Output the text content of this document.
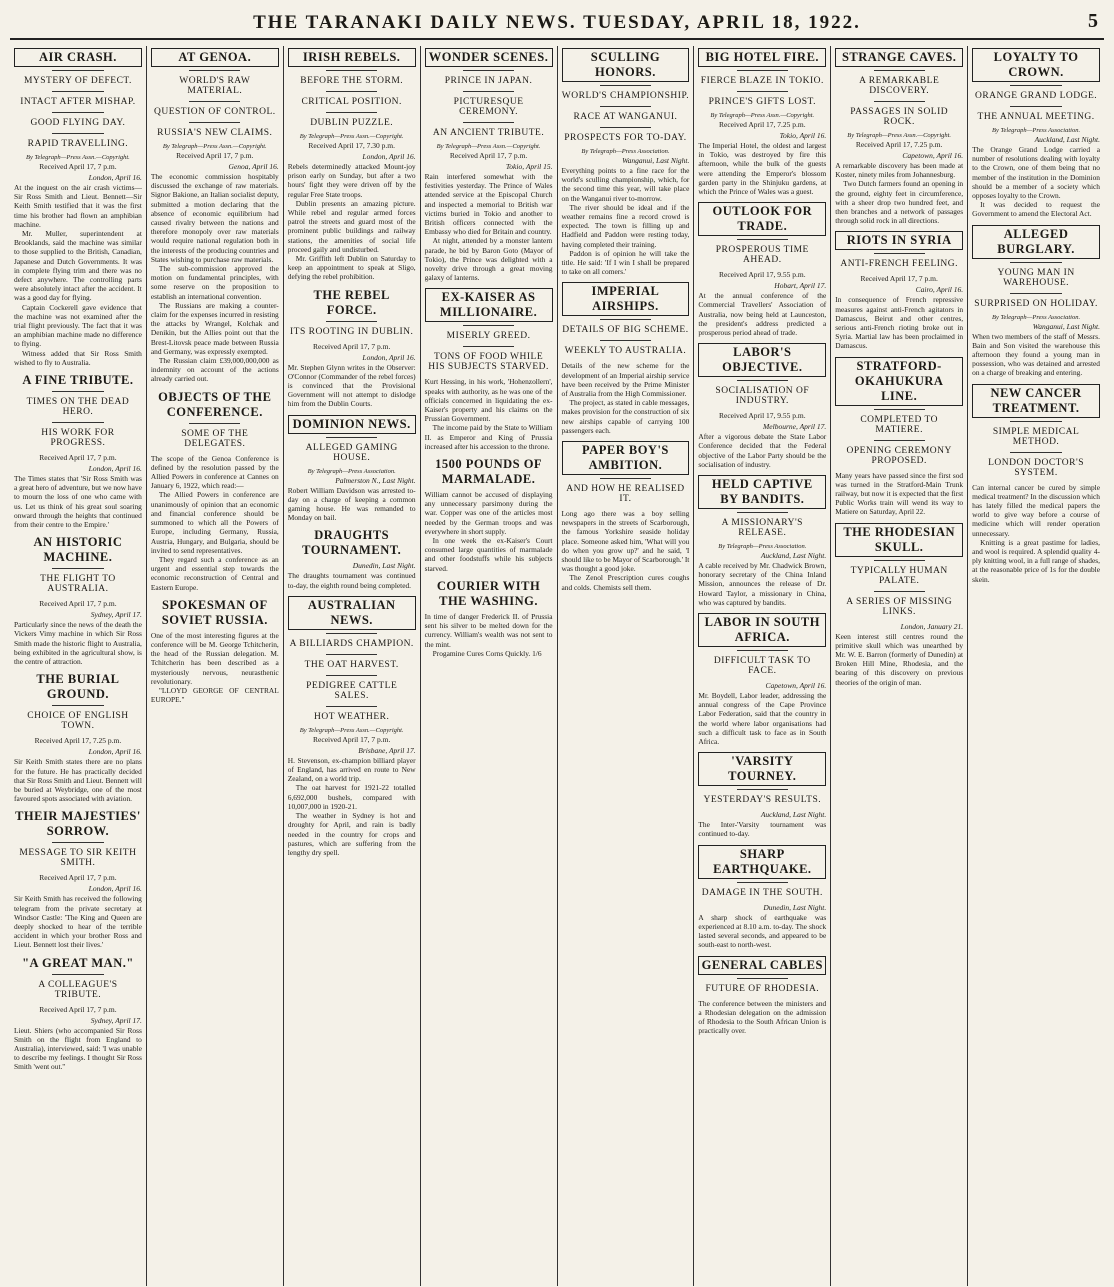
THE TARANAKI DAILY NEWS. TUESDAY, APRIL 18, 1922.	5
AIR CRASH.
MYSTERY OF DEFECT.
INTACT AFTER MISHAP.
GOOD FLYING DAY.
RAPID TRAVELLING.
By Telegraph—Press Assn.—Copyright.
Received April 17, 7 p.m.
London, April 16.

At the inquest on the air crash victims—Sir Ross Smith and Lieut. Bennett—Sir Keith Smith testified that it was the first time his brother had flown an amphibian machine.

Mr. Muller, superintendent at Brooklands, said the machine was similar to those supplied to the British, Canadian, Japanese and Dutch Governments. It was in complete flying trim and there was no defect anywhere. The controlling parts were absolutely intact after the accident. It was a good day for flying.

Captain Cockerell gave evidence that the machine was not examined after the trial flight previously. The fact that it was an amphibian machine made no difference to flying.

Witness added that Sir Ross Smith wished to fly to Australia.

A FINE TRIBUTE.
TIMES ON THE DEAD HERO.
HIS WORK FOR PROGRESS.
Received April 17, 7 p.m.
London, April 16.

The Times states that 'Sir Ross Smith was a great hero of adventure, but we now have to mourn the loss of one who came with us. Let us think of his great soul soaring onward through the heights that continued from their centre to the Empire.'

AN HISTORIC MACHINE.
THE FLIGHT TO AUSTRALIA.
Received April 17, 7 p.m.
Sydney, April 17.

Particularly since the news of the death the Vickers Vimy machine in which Sir Ross Smith made the historic flight to Australia, being exhibited in the agricultural show, is the centre of attraction.

THE BURIAL GROUND.
CHOICE OF ENGLISH TOWN.
Received April 17, 7.25 p.m.
London, April 16.

Sir Keith Smith states there are no plans for the future. He has practically decided that Sir Ross Smith and Lieut. Bennett will be buried at Weybridge, one of the most favoured spots associated with aviation.

THEIR MAJESTIES' SORROW.
MESSAGE TO SIR KEITH SMITH.
Received April 17, 7 p.m.
London, April 16.

Sir Keith Smith has received the following telegram from the private secretary at Windsor Castle: 'The King and Queen are deeply shocked to hear of the terrible accident in which your brother Ross and Lieut. Bennett lost their lives.'

"A GREAT MAN."
A COLLEAGUE'S TRIBUTE.
Received April 17, 7 p.m.
Sydney, April 17.

Lieut. Shiers (who accompanied Sir Ross Smith on the flight from England to Australia), interviewed, said: 'I was unable to describe my feelings. I thought Sir Ross Smith 'went out.''

AT GENOA.
WORLD'S RAW MATERIAL.
QUESTION OF CONTROL.
RUSSIA'S NEW CLAIMS.
By Telegraph—Press Assn.—Copyright.
Received April 17, 7 p.m.
Genoa, April 16.

The economic commission hospitably discussed the exchange of raw materials. Signor Bakione, an Italian socialist deputy, submitted a motion declaring that the absence of economic equilibrium had caused rivalry between the nations and therefore monopoly over raw materials would require national regulation both in the interests of the producing countries and States wishing to purchase raw materials.

The sub-commission approved the motion on fundamental principles, with some reserve on the proposition to establish an international convention.

The Russians are making a counter-claim for the expenses incurred in resisting the attacks by Wrangel, Kolchak and Denikin, but the Allies point out that the Brest-Litovsk peace made between Russia and Germany, was expressly exempted.

The Russian claim £39,000,000,000 as indemnity on account of the actions already carried out.

OBJECTS OF THE CONFERENCE.
SOME OF THE DELEGATES.

The scope of the Genoa Conference is defined by the resolution passed by the Allied Powers in conference at Cannes on January 6, 1922, which read:—

The Allied Powers in conference are unanimously of opinion that an economic and financial conference should be summoned to which all the Powers of Europe, including Germany, Russia, Austria, Hungary, and Bulgaria, should be invited to send representatives.

They regard such a conference as an urgent and essential step towards the economic reconstruction of Central and Eastern Europe.

SPOKESMAN OF SOVIET RUSSIA.

One of the most interesting figures at the conference will be M. George Tchitcherin, the head of the Russian delegation. M. Tchitcherin has been described as a mysteriously nervous, neurasthenic revolutionary.

"LLOYD GEORGE OF CENTRAL EUROPE."

IRISH REBELS.
BEFORE THE STORM.
CRITICAL POSITION.
DUBLIN PUZZLE.
By Telegraph—Press Assn.—Copyright.
Received April 17, 7.30 p.m.
London, April 16.

Rebels determinedly attacked Mount-joy prison early on Sunday, but after a two hours' fight they were driven off by the regular Free State troops.

Dublin presents an amazing picture. While rebel and regular armed forces patrol the streets and guard most of the prominent public buildings and railway stations, the amenities of social life proceed gaily and undisturbed.

Mr. Griffith left Dublin on Saturday to keep an appointment to speak at Sligo, defying the rebel prohibition.

THE REBEL FORCE.
ITS ROOTING IN DUBLIN.
Received April 17, 7 p.m.
London, April 16.

Mr. Stephen Glynn writes in the Observer: O'Connor (Commander of the rebel forces) is convinced that the Provisional Government will not attempt to dislodge him from the Dublin Courts.

DOMINION NEWS.
ALLEGED GAMING HOUSE.
By Telegraph—Press Association.
Palmerston N., Last Night.

Robert William Davidson was arrested to-day on a charge of keeping a common gaming house. He was remanded to Monday on bail.

DRAUGHTS TOURNAMENT.
Dunedin, Last Night.

The draughts tournament was continued to-day, the eighth round being completed.

AUSTRALIAN NEWS.
A BILLIARDS CHAMPION.
THE OAT HARVEST.
PEDIGREE CATTLE SALES.
HOT WEATHER.
By Telegraph—Press Assn.—Copyright.
Received April 17, 7 p.m.
Brisbane, April 17.

H. Stevenson, ex-champion billiard player of England, has arrived en route to New Zealand, on a world trip.

The oat harvest for 1921-22 totalled 6,692,000 bushels, compared with 10,007,000 in 1920-21.

The weather in Sydney is hot and droughty for April, and rain is badly needed in the country for crops and pastures, which are suffering from the lengthy dry spell.

WONDER SCENES.
PRINCE IN JAPAN.
PICTURESQUE CEREMONY.
AN ANCIENT TRIBUTE.
By Telegraph—Press Assn.—Copyright.
Received April 17, 7 p.m.
Tokio, April 15.

Rain interfered somewhat with the festivities yesterday. The Prince of Wales attended service at the Episcopal Church and inspected a memorial to British war victims buried in Tokio and another to British officers connected with the Embassy who died for Britain and country.

At night, attended by a monster lantern parade, he bid by Baron Goto (Mayor of Tokio), the Prince was delighted with a novelty drive through a great moving galaxy of lanterns.

EX-KAISER AS MILLIONAIRE.
MISERLY GREED.
TONS OF FOOD WHILE HIS SUBJECTS STARVED.

Kurt Hessing, in his work, 'Hohenzollern', speaks with authority, as he was one of the officials concerned in liquidating the ex-Kaiser's property and his claims on the Prussian Government.

The income paid by the State to William II. as Emperor and King of Prussia increased after his accession to the throne.

1500 POUNDS OF MARMALADE.

William cannot be accused of displaying any unnecessary parsimony during the war. Copper was one of the articles most needed by the German troops and was everywhere in short supply.

In one week the ex-Kaiser's Court consumed large quantities of marmalade and other foodstuffs while his subjects starved.

COURIER WITH THE WASHING.

In time of danger Frederick II. of Prussia sent his silver to be melted down for the currency. William's wealth was not sent to the mint.

Progamine Cures Corns Quickly. 1/6

SCULLING HONORS.
WORLD'S CHAMPIONSHIP.
RACE AT WANGANUI.
PROSPECTS FOR TO-DAY.
By Telegraph—Press Association.
Wanganui, Last Night.

Everything points to a fine race for the world's sculling championship, which, for the second time this year, will take place on the Wanganui river to-morrow.

The river should be ideal and if the weather remains fine a record crowd is expected. The town is filling up and Hadfield and Paddon were resting today, having completed their training.

Paddon is of opinion he will take the title. He said: 'If I win I shall be prepared to take on all comers.'

IMPERIAL AIRSHIPS.
DETAILS OF BIG SCHEME.
WEEKLY TO AUSTRALIA.

Details of the new scheme for the development of an Imperial airship service have been received by the Prime Minister of Australia from the High Commissioner.

The project, as stated in cable messages, makes provision for the construction of six new airships capable of carrying 100 passengers each.

PAPER BOY'S AMBITION.
AND HOW HE REALISED IT.

Long ago there was a boy selling newspapers in the streets of Scarborough, the famous Yorkshire seaside holiday place. Someone asked him, 'What will you do when you grow up?' and he said, 'I should like to be Mayor of Scarborough.' It was thought a good joke.

The Zenol Prescription cures coughs and colds. Chemists sell them.

BIG HOTEL FIRE.
FIERCE BLAZE IN TOKIO.
PRINCE'S GIFTS LOST.
By Telegraph—Press Assn.—Copyright.
Received April 17, 7.25 p.m.
Tokio, April 16.

The Imperial Hotel, the oldest and largest in Tokio, was destroyed by fire this afternoon, while the bulk of the guests were attending the Emperor's blossom garden party in the Shinjuku gardens, at which the Prince of Wales was a guest.

OUTLOOK FOR TRADE.
PROSPEROUS TIME AHEAD.
Received April 17, 9.55 p.m.
Hobart, April 17.

At the annual conference of the Commercial Travellers' Association of Australia, now being held at Launceston, the president's address predicted a prosperous period ahead of trade.

LABOR'S OBJECTIVE.
SOCIALISATION OF INDUSTRY.
Received April 17, 9.55 p.m.
Melbourne, April 17.

After a vigorous debate the State Labor Conference decided that the Federal objective of the Labor Party should be the socialisation of industry.

HELD CAPTIVE BY BANDITS.
A MISSIONARY'S RELEASE.
By Telegraph—Press Association.
Auckland, Last Night.

A cable received by Mr. Chadwick Brown, honorary secretary of the China Inland Mission, announces the release of Dr. Howard Taylor, a missionary in China, who was captured by bandits.

LABOR IN SOUTH AFRICA.
DIFFICULT TASK TO FACE.
Capetown, April 16.

Mr. Boydell, Labor leader, addressing the annual congress of the Cape Province Labor Federation, said that the country in the world where labor organisations had such a difficult task to face as in South Africa.

'VARSITY TOURNEY.
YESTERDAY'S RESULTS.
Auckland, Last Night.

The Inter-'Varsity tournament was continued to-day.

SHARP EARTHQUAKE.
DAMAGE IN THE SOUTH.
Dunedin, Last Night.

A sharp shock of earthquake was experienced at 8.10 a.m. to-day. The shock lasted several seconds, and appeared to be south-east to north-west.

GENERAL CABLES
FUTURE OF RHODESIA.

The conference between the ministers and a Rhodesian delegation on the admission of Rhodesia to the South African Union is practically over.

STRANGE CAVES.
A REMARKABLE DISCOVERY.
PASSAGES IN SOLID ROCK.
By Telegraph—Press Assn.—Copyright.
Received April 17, 7.25 p.m.
Capetown, April 16.

A remarkable discovery has been made at Koster, ninety miles from Johannesburg.

Two Dutch farmers found an opening in the ground, eighty feet in circumference, with a sheer drop two hundred feet, and then branches and a network of passages through solid rock in all directions.

RIOTS IN SYRIA
ANTI-FRENCH FEELING.
Received April 17, 7 p.m.
Cairo, April 16.

In consequence of French repressive measures against anti-French agitators in Damascus, Beirut and other centres, serious anti-French rioting broke out in Syria. Martial law has been proclaimed in Damascus.

STRATFORD-OKAHUKURA LINE.
COMPLETED TO MATIERE.
OPENING CEREMONY PROPOSED.

Many years have passed since the first sod was turned in the Stratford-Main Trunk railway, but now it is expected that the first Public Works train will wend its way to Matiere on Saturday, April 22.

THE RHODESIAN SKULL.
TYPICALLY HUMAN PALATE.
A SERIES OF MISSING LINKS.
London, January 21.

Keen interest still centres round the primitive skull which was unearthed by Mr. W. E. Barron (formerly of Dunedin) at Broken Hill Mine, Rhodesia, and the bearing of this discovery on previous theories of the origin of man.

LOYALTY TO CROWN.
ORANGE GRAND LODGE.
THE ANNUAL MEETING.
By Telegraph—Press Association.
Auckland, Last Night.

The Orange Grand Lodge carried a number of resolutions dealing with loyalty to the Crown, one of them being that no member of the institution in the Dominion should be a member of a society which opposes loyalty to the Crown.

It was decided to request the Government to amend the Electoral Act.

ALLEGED BURGLARY.
YOUNG MAN IN WAREHOUSE.
SURPRISED ON HOLIDAY.
By Telegraph—Press Association.
Wanganui, Last Night.

When two members of the staff of Messrs. Bain and Son visited the warehouse this afternoon they found a young man in possession, who was detained and arrested on a charge of breaking and entering.

NEW CANCER TREATMENT.
SIMPLE MEDICAL METHOD.
LONDON DOCTOR'S SYSTEM.

Can internal cancer be cured by simple medical treatment? In the discussion which has lately filled the medical papers the world to give way before a course of medicine which will render operation unnecessary.

Knitting is a great pastime for ladies, and wool is required. A splendid quality 4-ply knitting wool, in a full range of shades, at the reasonable price of 1s for the double skein.
